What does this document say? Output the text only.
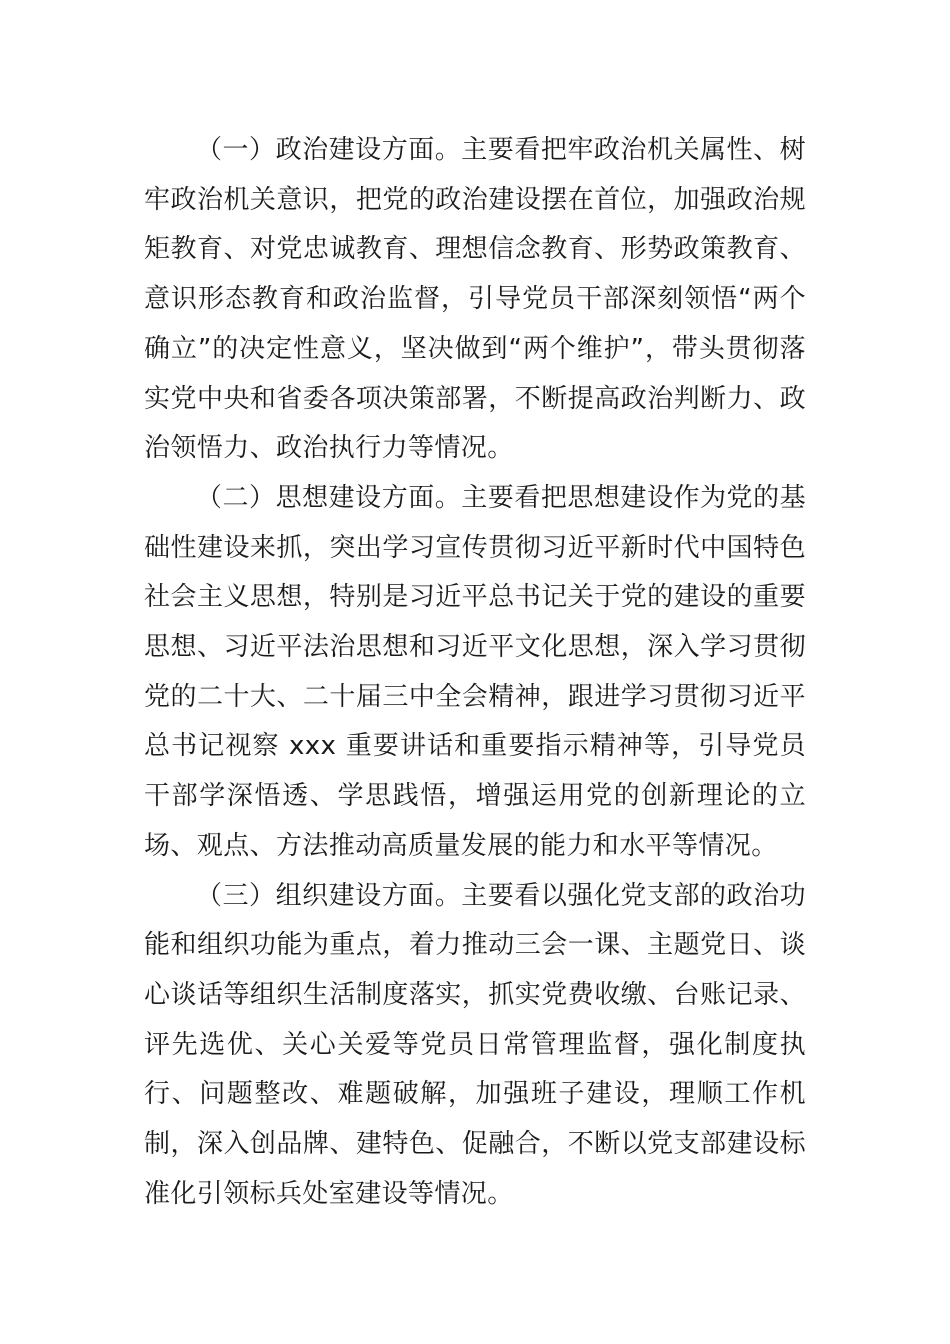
（一）政治建设方面。主要看把牢政治机关属性、树牢政治机关意识，把党的政治建设摆在首位，加强政治规矩教育、对党忠诚教育、理想信念教育、形势政策教育、意识形态教育和政治监督，引导党员干部深刻领悟“两个确立”的决定性意义，坚决做到“两个维护”，带头贯彻落实党中央和省委各项决策部署，不断提高政治判断力、政治领悟力、政治执行力等情况。

（二）思想建设方面。主要看把思想建设作为党的基础性建设来抓，突出学习宣传贯彻习近平新时代中国特色社会主义思想，特别是习近平总书记关于党的建设的重要思想、习近平法治思想和习近平文化思想，深入学习贯彻党的二十大、二十届三中全会精神，跟进学习贯彻习近平总书记视察 xxx 重要讲话和重要指示精神等，引导党员干部学深悟透、学思践悟，增强运用党的创新理论的立场、观点、方法推动高质量发展的能力和水平等情况。

（三）组织建设方面。主要看以强化党支部的政治功能和组织功能为重点，着力推动三会一课、主题党日、谈心谈话等组织生活制度落实，抓实党费收缴、台账记录、评先选优、关心关爱等党员日常管理监督，强化制度执行、问题整改、难题破解，加强班子建设，理顺工作机制，深入创品牌、建特色、促融合，不断以党支部建设标准化引领标兵处室建设等情况。
